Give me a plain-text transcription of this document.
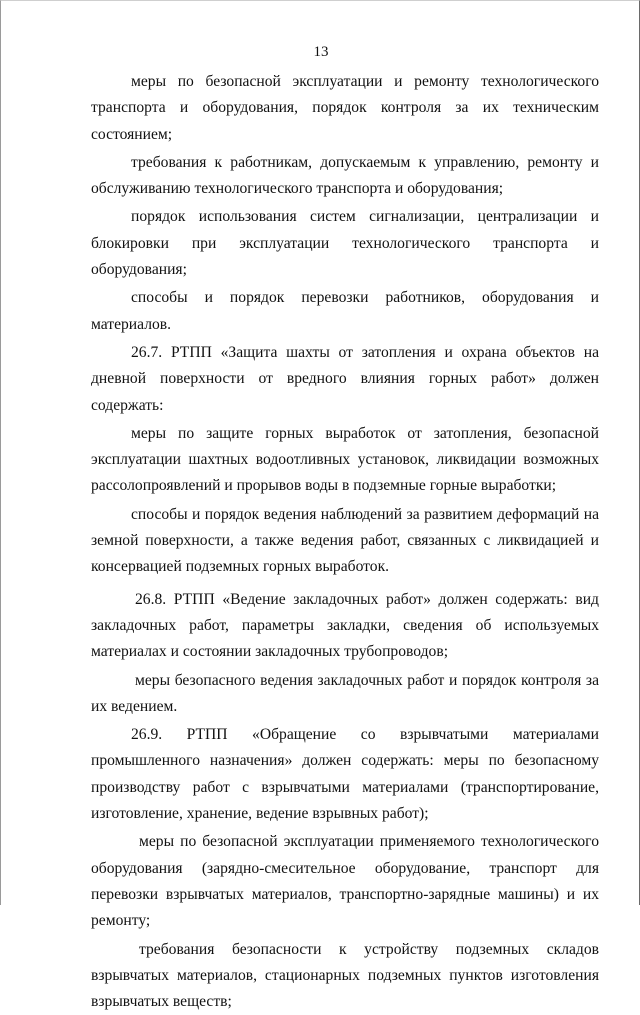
13

меры по безопасной эксплуатации и ремонту технологического транспорта и оборудования, порядок контроля за их техническим состоянием;

требования к работникам, допускаемым к управлению, ремонту и обслуживанию технологического транспорта и оборудования;

порядок использования систем сигнализации, централизации и блокировки при эксплуатации технологического транспорта и оборудования;

способы и порядок перевозки работников, оборудования и материалов.

26.7. РТПП «Защита шахты от затопления и охрана объектов на дневной поверхности от вредного влияния горных работ» должен содержать:

меры по защите горных выработок от затопления, безопасной эксплуатации шахтных водоотливных установок, ликвидации возможных рассолопроявлений и прорывов воды в подземные горные выработки;

способы и порядок ведения наблюдений за развитием деформаций на земной поверхности, а также ведения работ, связанных с ликвидацией и консервацией подземных горных выработок.

26.8. РТПП «Ведение закладочных работ» должен содержать: вид закладочных работ, параметры закладки, сведения об используемых материалах и состоянии закладочных трубопроводов;

меры безопасного ведения закладочных работ и порядок контроля за их ведением.

26.9. РТПП «Обращение со взрывчатыми материалами промышленного назначения» должен содержать: меры по безопасному производству работ с взрывчатыми материалами (транспортирование, изготовление, хранение, ведение взрывных работ);

меры по безопасной эксплуатации применяемого технологического оборудования (зарядно-смесительное оборудование, транспорт для перевозки взрывчатых материалов, транспортно-зарядные машины) и их ремонту;

требования безопасности к устройству подземных складов взрывчатых материалов, стационарных подземных пунктов изготовления взрывчатых веществ;
